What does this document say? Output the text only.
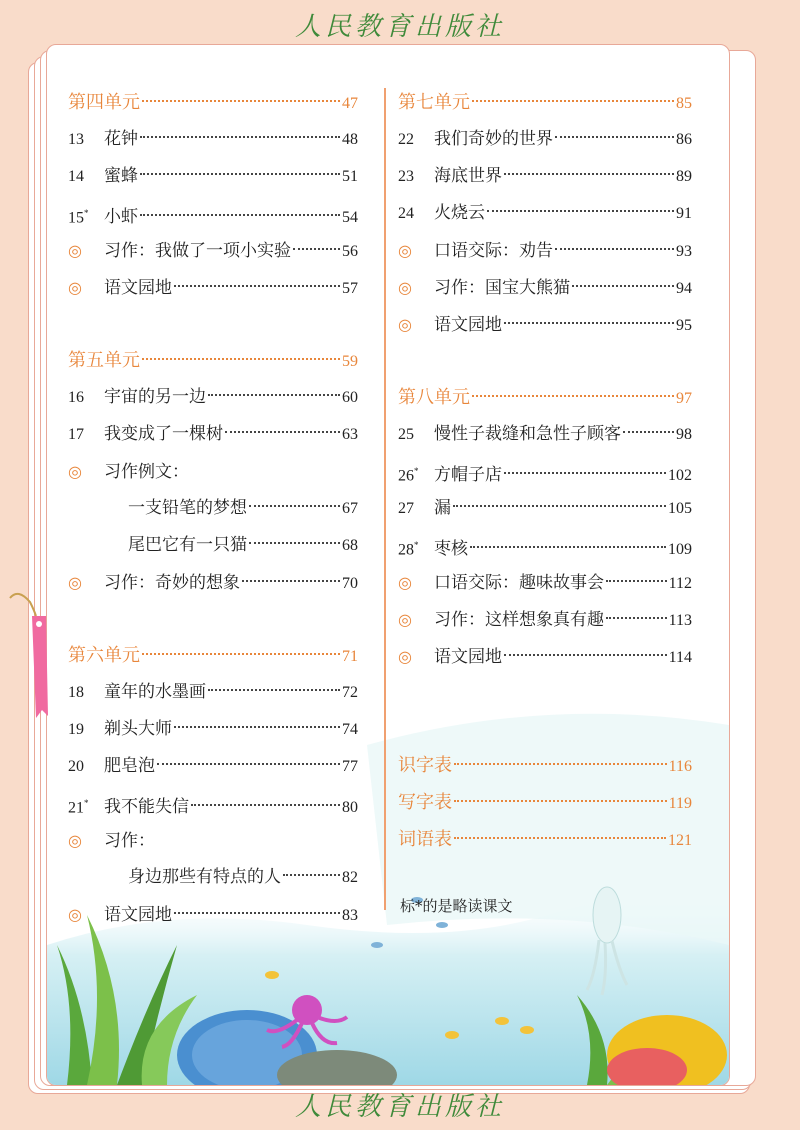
人民教育出版社
第四单元	47
13	花钟	48
14	蜜蜂	51
15* 小虾	54
◎	习作：我做了一项小实验	56
◎	语文园地	57
第五单元	59
16	宇宙的另一边	60
17	我变成了一棵树	63
◎	习作例文：
一支铅笔的梦想	67
尾巴它有一只猫	68
◎	习作：奇妙的想象	70
第六单元	71
18	童年的水墨画	72
19	剃头大师	74
20	肥皂泡	77
21* 我不能失信	80
◎	习作：
身边那些有特点的人	82
◎	语文园地	83
第七单元	85
22	我们奇妙的世界	86
23	海底世界	89
24	火烧云	91
◎	口语交际：劝告	93
◎	习作：国宝大熊猫	94
◎	语文园地	95
第八单元	97
25	慢性子裁缝和急性子顾客	98
26* 方帽子店	102
27	漏	105
28* 枣核	109
◎	口语交际：趣味故事会	112
◎	习作：这样想象真有趣	113
◎	语文园地	114
识字表	116
写字表	119
词语表	121
标*的是略读课文
人民教育出版社
